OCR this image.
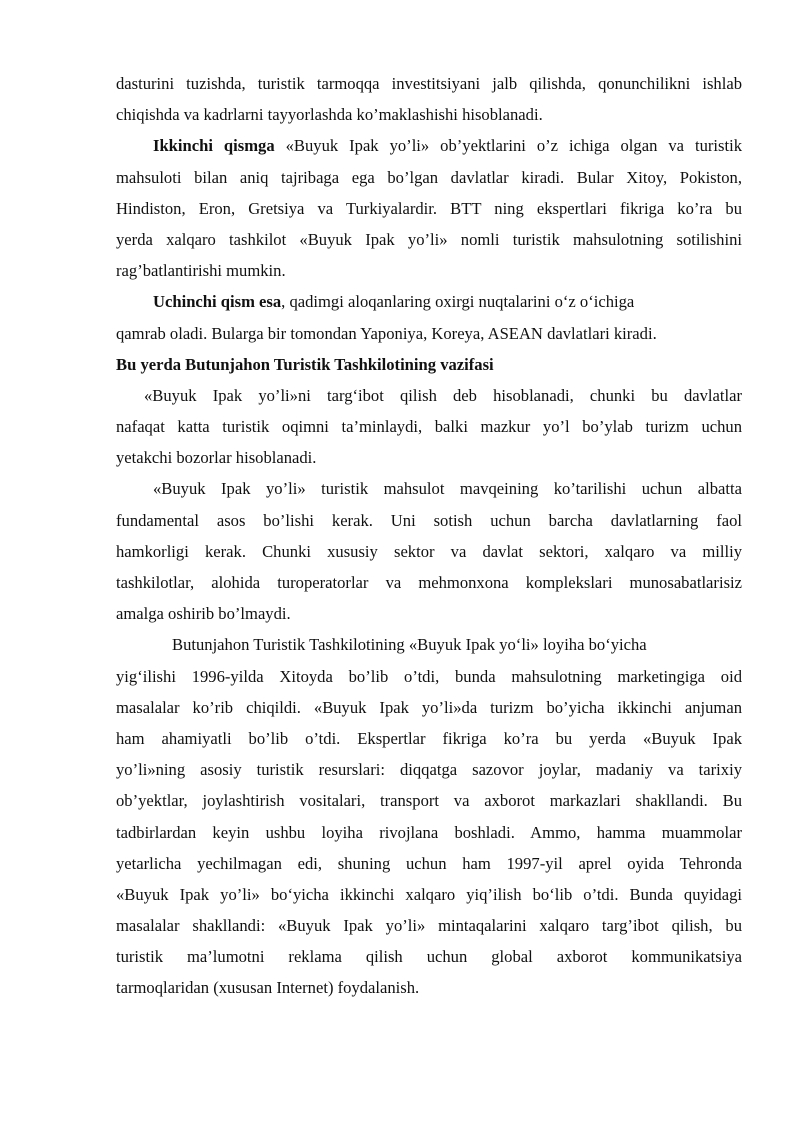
dasturini tuzishda, turistik tarmoqqa investitsiyani jalb qilishda, qonunchilikni ishlab
chiqishda va kadrlarni tayyorlashda ko’maklashishi hisoblanadi.
Ikkinchi qismga «Buyuk Ipak yo’li» ob’yektlarini o’z ichiga olgan va turistik
mahsuloti bilan aniq tajribaga ega bo’lgan davlatlar kiradi. Bular Xitoy, Pokiston,
Hindiston, Eron, Gretsiya va Turkiyalardir. BTT ning ekspertlari fikriga ko’ra bu
yerda xalqaro tashkilot «Buyuk Ipak yo’li» nomli turistik mahsulotning sotilishini
rag’batlantirishi mumkin.
Uchinchi qism esa, qadimgi aloqanlaring oxirgi nuqtalarini o‘z o‘ichiga
qamrab oladi. Bularga bir tomondan Yaponiya, Koreya, ASEAN davlatlari kiradi.
Bu yerda Butunjahon Turistik Tashkilotining vazifasi
«Buyuk Ipak yo’li»ni targ‘ibot qilish deb hisoblanadi, chunki bu davlatlar
nafaqat katta turistik oqimni ta’minlaydi, balki mazkur yo’l bo’ylab turizm uchun
yetakchi bozorlar hisoblanadi.
«Buyuk Ipak yo’li» turistik mahsulot mavqeining ko’tarilishi uchun albatta
fundamental asos bo’lishi kerak. Uni sotish uchun barcha davlatlarning faol
hamkorligi kerak. Chunki xususiy sektor va davlat sektori, xalqaro va milliy
tashkilotlar, alohida turoperatorlar va mehmonxona komplekslari munosabatlarisiz
amalga oshirib bo’lmaydi.
Butunjahon Turistik Tashkilotining «Buyuk Ipak yo‘li» loyiha bo‘yicha
yig‘ilishi 1996-yilda Xitoyda bo’lib o’tdi, bunda mahsulotning marketingiga oid
masalalar ko’rib chiqildi. «Buyuk Ipak yo’li»da turizm bo’yicha ikkinchi anjuman
ham ahamiyatli bo’lib o’tdi. Ekspertlar fikriga ko’ra bu yerda «Buyuk Ipak
yo’li»ning asosiy turistik resurslari: diqqatga sazovor joylar, madaniy va tarixiy
ob’yektlar, joylashtirish vositalari, transport va axborot markazlari shakllandi. Bu
tadbirlardan keyin ushbu loyiha rivojlana boshladi. Ammo, hamma muammolar
yetarlicha yechilmagan edi, shuning uchun ham 1997-yil aprel oyida Tehronda
«Buyuk Ipak yo’li» bo‘yicha ikkinchi xalqaro yiq’ilish bo‘lib o’tdi. Bunda quyidagi
masalalar shakllandi: «Buyuk Ipak yo’li» mintaqalarini xalqaro targ’ibot qilish, bu
turistik ma’lumotni reklama qilish uchun global axborot kommunikatsiya
tarmoqlaridan (xususan Internet) foydalanish.
